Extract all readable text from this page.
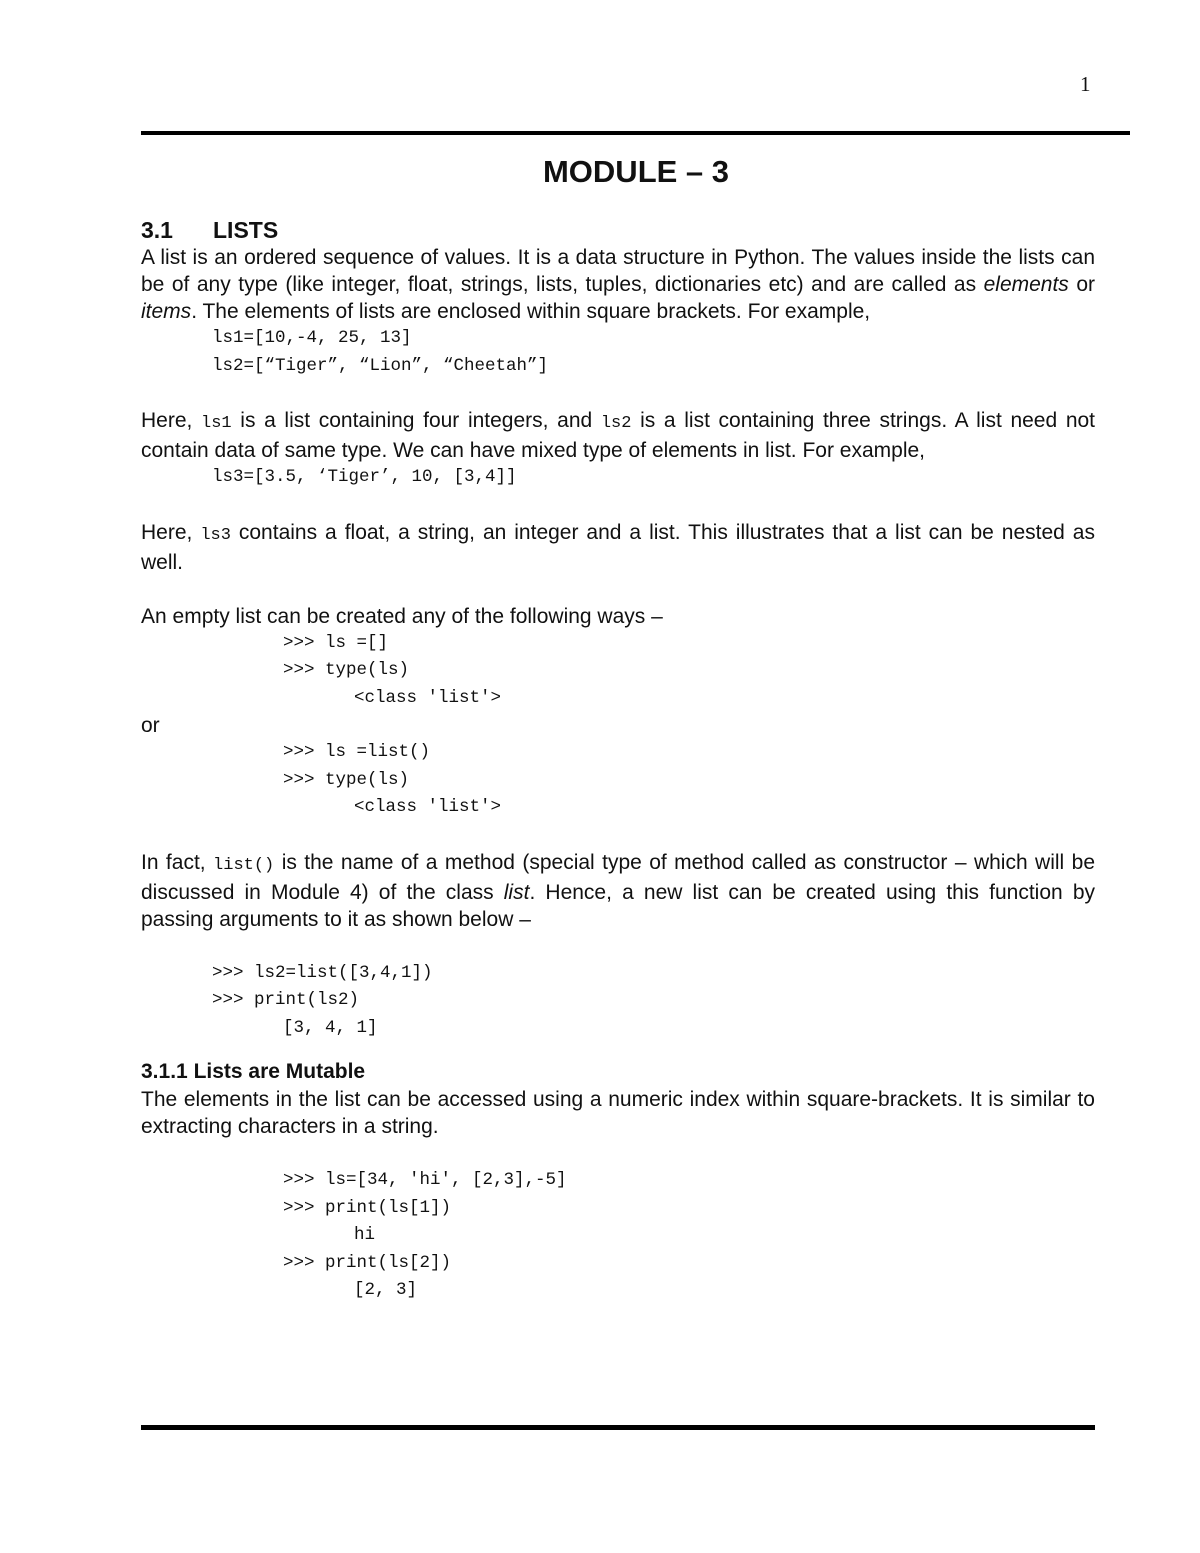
1
MODULE – 3
3.1 LISTS

A list is an ordered sequence of values. It is a data structure in Python. The values inside the lists can be of any type (like integer, float, strings, lists, tuples, dictionaries etc) and are called as elements or items. The elements of lists are enclosed within square brackets. For example,

ls1=[10,-4, 25, 13]
ls2=[“Tiger”, “Lion”, “Cheetah”]

Here, ls1 is a list containing four integers, and ls2 is a list containing three strings. A list need not contain data of same type. We can have mixed type of elements in list. For example,

ls3=[3.5, ‘Tiger’, 10, [3,4]]

Here, ls3 contains a float, a string, an integer and a list. This illustrates that a list can be nested as well.

An empty list can be created any of the following ways –

>>> ls =[]
>>> type(ls)
<class 'list'>

or

>>> ls =list()
>>> type(ls)
<class 'list'>

In fact, list() is the name of a method (special type of method called as constructor – which will be discussed in Module 4) of the class list. Hence, a new list can be created using this function by passing arguments to it as shown below –

>>> ls2=list([3,4,1])
>>> print(ls2)
[3, 4, 1]
3.1.1 Lists are Mutable

The elements in the list can be accessed using a numeric index within square-brackets. It is similar to extracting characters in a string.

>>> ls=[34, 'hi', [2,3],-5]
>>> print(ls[1])
hi
>>> print(ls[2])
[2, 3]
